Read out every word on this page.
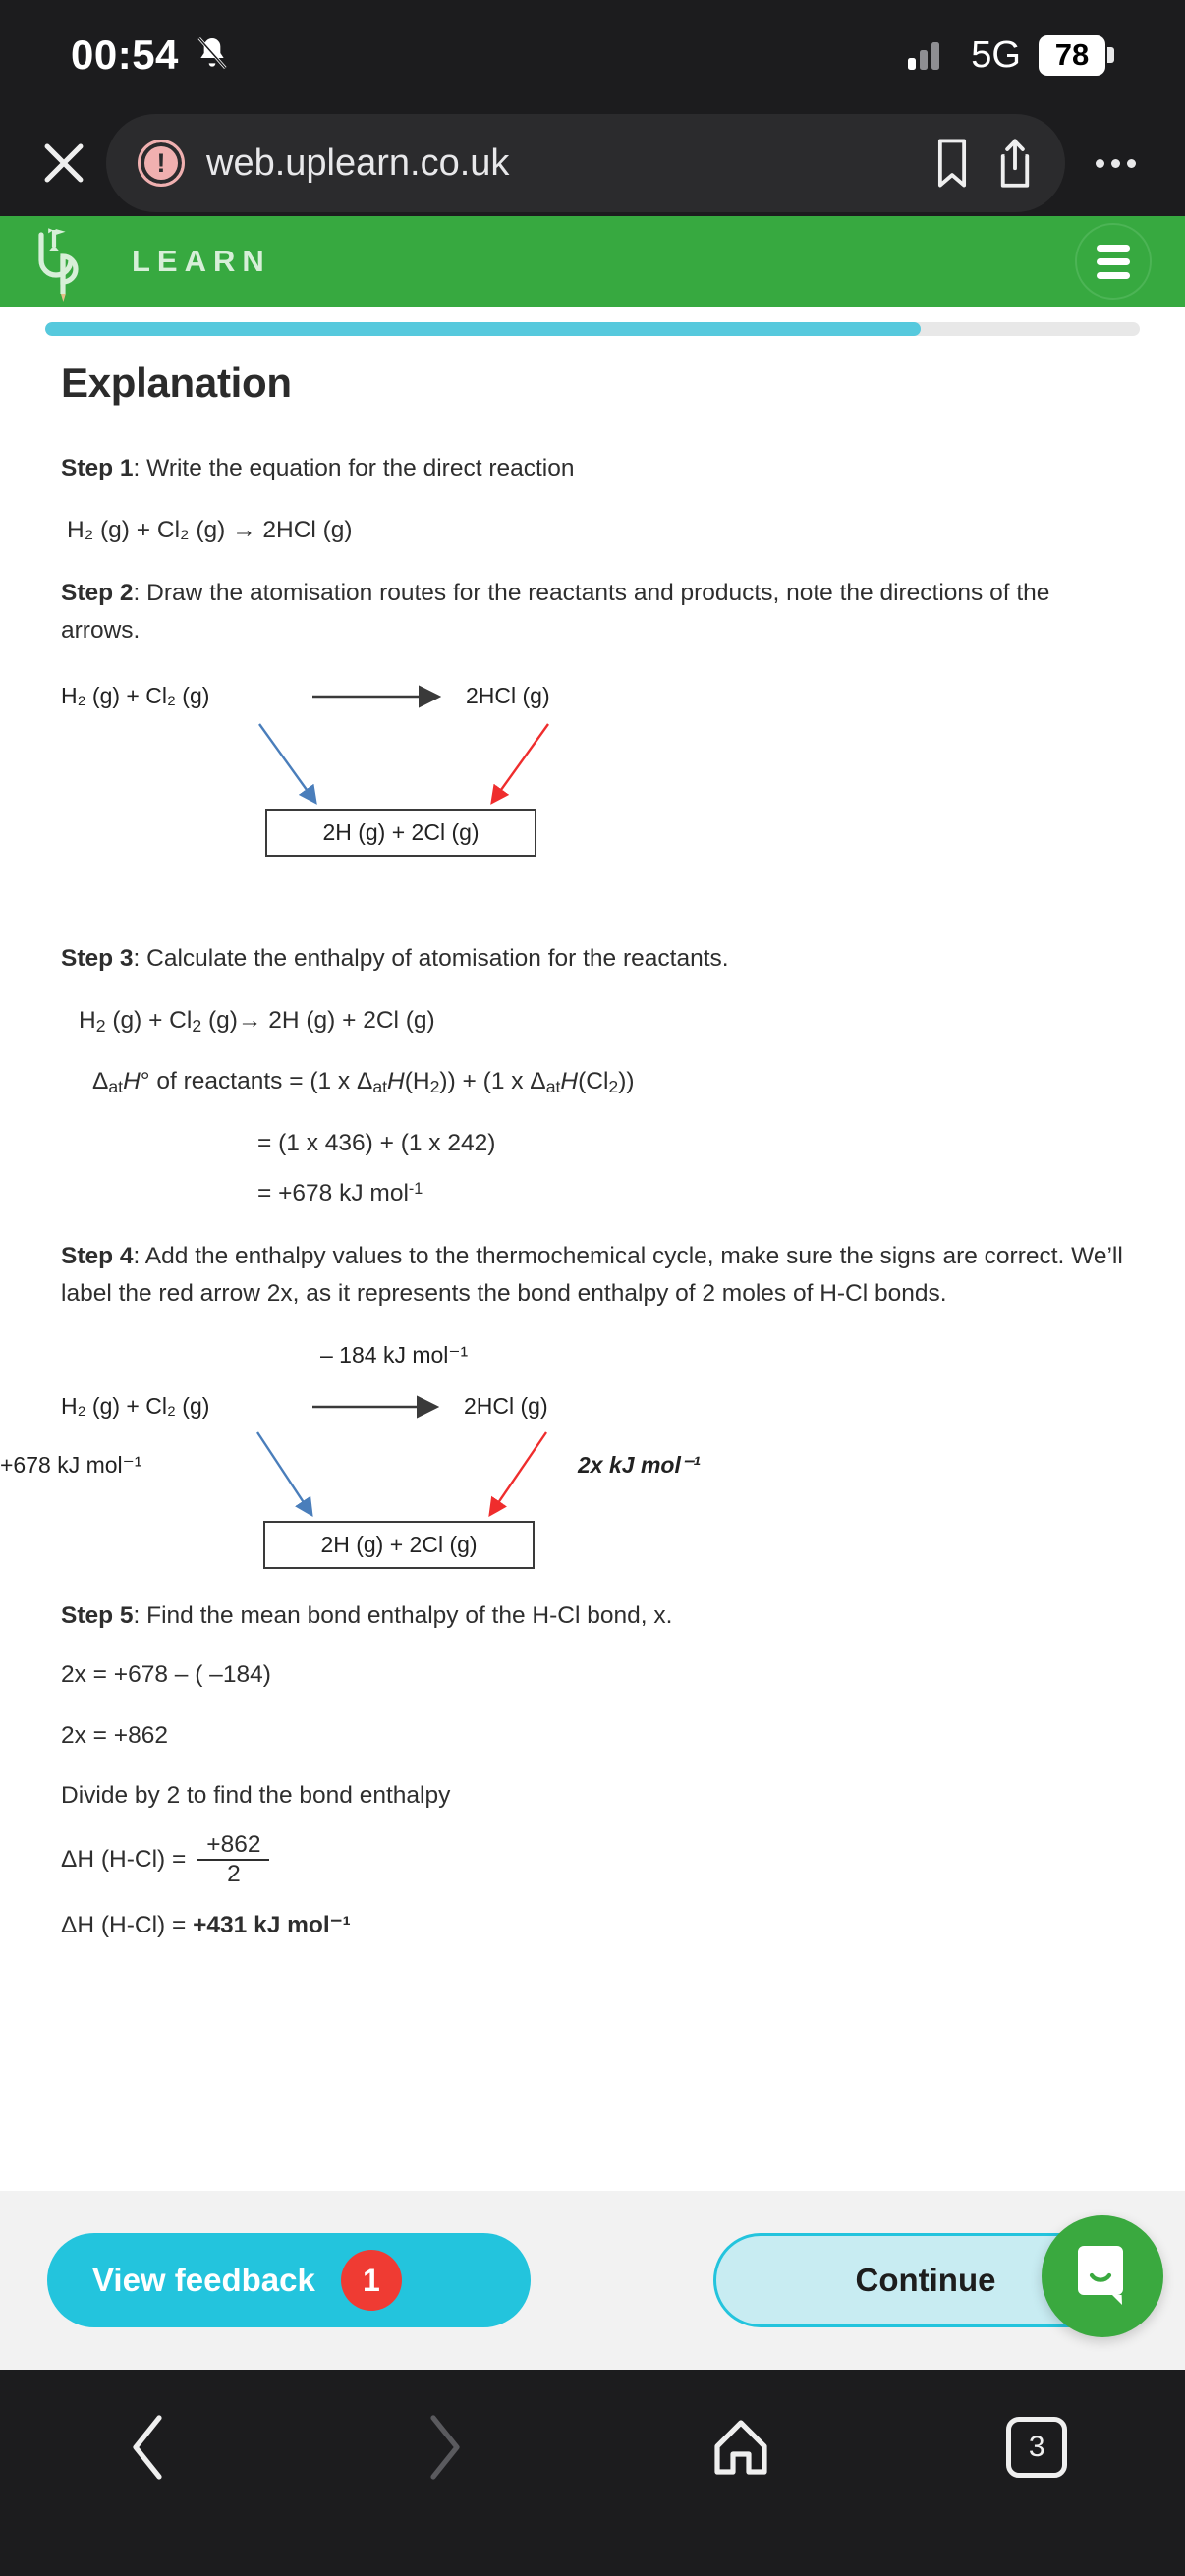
00:54	5G	78
!
web.uplearn.co.uk
LEARN
Explanation
Step 1: Write the equation for the direct reaction
H₂ (g) + Cl₂ (g) → 2HCl (g)
Step 2: Draw the atomisation routes for the reactants and products, note the directions of the arrows.
H₂ (g) + Cl₂ (g)	2HCl (g)
2H (g) + 2Cl (g)
Step 3: Calculate the enthalpy of atomisation for the reactants.
$H_2$ $(g) + Cl_2$ (g)→ 2H (g) + 2Cl (g)
$\Delta_{at}H^\circ$ of reactants = (1 x $\Delta_{at}H(H_2)) + (1$ x $\Delta_{at}H(Cl_2)$)
= (1 x 436) + (1 x 242)
= +678 kJ mol$^{-1}$
Step 4: Add the enthalpy values to the thermochemical cycle, make sure the signs are correct. We’ll label the red arrow 2x, as it represents the bond enthalpy of 2 moles of H-Cl bonds.
– 184 kJ mol⁻¹
H₂ (g) + Cl₂ (g)	2HCl (g)
+678 kJ mol⁻¹	2x kJ mol⁻¹
2H (g) + 2Cl (g)
Step 5: Find the mean bond enthalpy of the H-Cl bond, x.
2x = +678 – ( –184)
2x = +862
Divide by 2 to find the bond enthalpy
ΔH $(H-Cl) = \frac{+862}{2}$
ΔH (H-Cl) = +431 kJ mol⁻¹
View feedback	1	Continue
3
